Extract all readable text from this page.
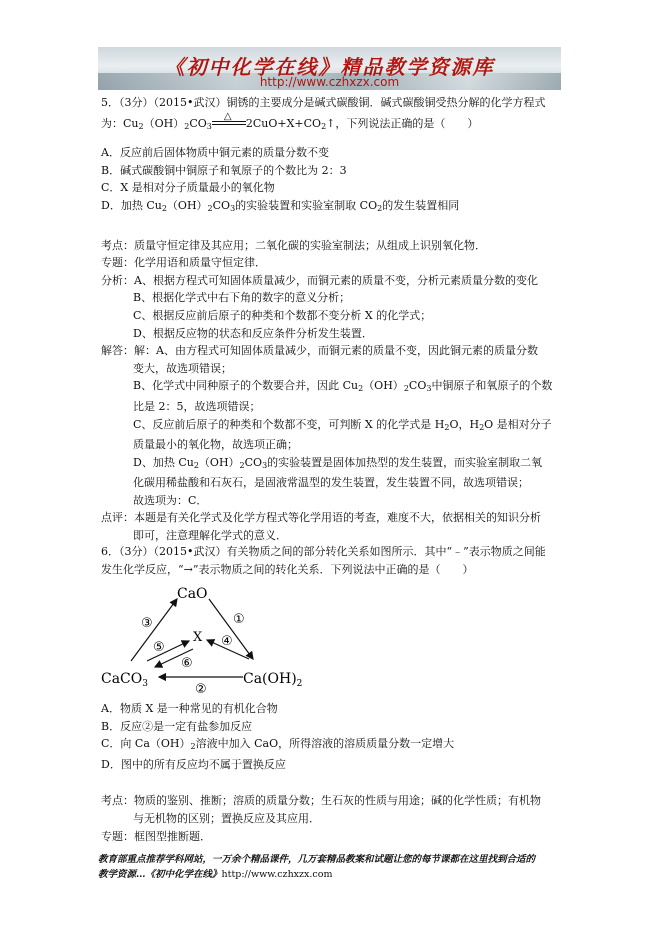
《初中化学在线》精品教学资源库
http://www.czhxzx.com
5．（3分）（2015•武汉）铜锈的主要成分是碱式碳酸铜．碱式碳酸铜受热分解的化学方程式
为：$Cu_2(OH)_2CO_3$
△ $2CuO+X+CO_2↑$，下列说法正确的是（　　）
A．反应前后固体物质中铜元素的质量分数不变
B．碱式碳酸铜中铜原子和氧原子的个数比为 2：3
C．X 是相对分子质量最小的氧化物
D．加热 $Cu_2(OH)_2CO_3$的实验装置和实验室制取 $CO_2$的发生装置相同
考点：质量守恒定律及其应用；二氧化碳的实验室制法；从组成上识别氧化物．
专题：化学用语和质量守恒定律．
分析：A、根据方程式可知固体质量减少，而铜元素的质量不变，分析元素质量分数的变化
B、根据化学式中右下角的数字的意义分析；
C、根据反应前后原子的种类和个数都不变分析 X 的化学式；
D、根据反应物的状态和反应条件分析发生装置．
解答：解：A、由方程式可知固体质量减少，而铜元素的质量不变，因此铜元素的质量分数
变大，故选项错误；
B、化学式中同种原子的个数要合并，因此 $Cu_2(OH)_2CO_3$中铜原子和氧原子的个数
比是 2：5，故选项错误；
C、反应前后原子的种类和个数都不变，可判断 X 的化学式是 $H_2O$，$H_2O$ 是相对分子
质量最小的氧化物，故选项正确；
D、加热 $Cu_2(OH)_2CO_3$的实验装置是固体加热型的发生装置，而实验室制取二氧
化碳用稀盐酸和石灰石，是固液常温型的发生装置，发生装置不同，故选项错误；
故选项为：C．
点评：本题是有关化学式及化学方程式等化学用语的考查，难度不大，依据相关的知识分析
即可，注意理解化学式的意义．
6．（3分）（2015•武汉）有关物质之间的部分转化关系如图所示．其中“﹣”表示物质之间能
发生化学反应，“→”表示物质之间的转化关系．下列说法中正确的是（　　）
CaO
X
CaCO$_3$	$Ca(OH)_2$
③	①
④
⑤
⑥
②
A．物质 X 是一种常见的有机化合物
B．反应②是一定有盐参加反应
C．向 $Ca(OH)_2$溶液中加入 CaO，所得溶液的溶质质量分数一定增大
D．图中的所有反应均不属于置换反应
考点：物质的鉴别、推断；溶质的质量分数；生石灰的性质与用途；碱的化学性质；有机物
与无机物的区别；置换反应及其应用．
专题：框图型推断题．
教育部重点推荐学科网站，一万余个精品课件，几万套精品教案和试题让您的每节课都在这里找到合适的
教学资源…《初中化学在线》http://www.czhxzx.com
